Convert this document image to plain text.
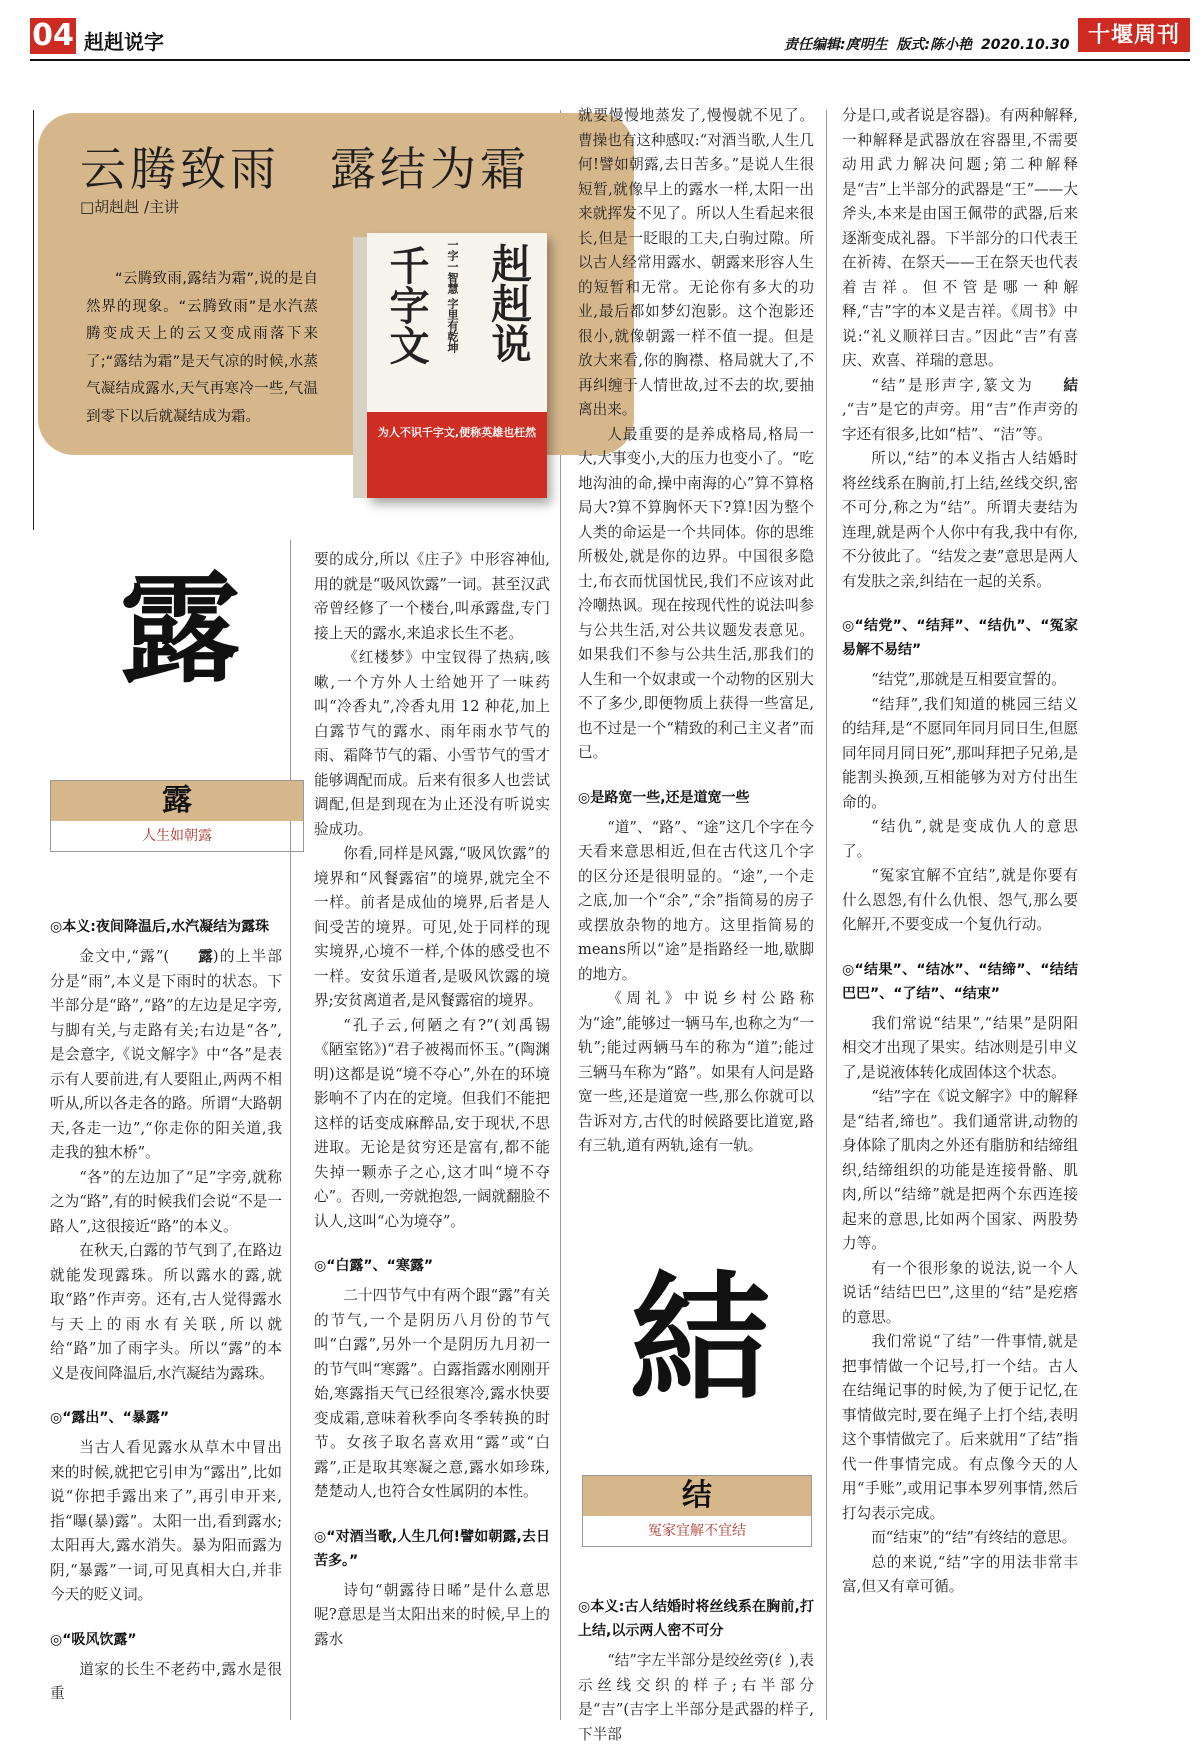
04 赳赳说字	责任编辑:庹明生 版式:陈小艳 2020.10.30 十堰周刊
云腾致雨　露结为霜
□胡赳赳 /主讲
“云腾致雨,露结为霜”,说的是自然界的现象。“云腾致雨”是水汽蒸腾变成天上的云又变成雨落下来了;“露结为霜”是天气凉的时候,水蒸气凝结成露水,天气再寒冷一些,气温到零下以后就凝结成为霜。
赳赳说
千字文 一字一智慧 字里有乾坤
为人不识千字文,便称英雄也枉然
露
露
人生如朝露
◎本义:夜间降温后,水汽凝结为露珠

金文中,“露”( 露)的上半部分是“雨”,本义是下雨时的状态。下半部分是“路”,“路”的左边是足字旁,与脚有关,与走路有关;右边是“各”,是会意字,《说文解字》中“各”是表示有人要前进,有人要阻止,两两不相听从,所以各走各的路。所谓“大路朝天,各走一边”,“你走你的阳关道,我走我的独木桥”。

“各”的左边加了“足”字旁,就称之为“路”,有的时候我们会说“不是一路人”,这很接近“路”的本义。

在秋天,白露的节气到了,在路边就能发现露珠。所以露水的露,就取“路”作声旁。还有,古人觉得露水与天上的雨水有关联,所以就给“路”加了雨字头。所以“露”的本义是夜间降温后,水汽凝结为露珠。

◎“露出”、“暴露”

当古人看见露水从草木中冒出来的时候,就把它引申为“露出”,比如说“你把手露出来了”,再引申开来,指“曝(暴)露”。太阳一出,看到露水;太阳再大,露水消失。暴为阳而露为阴,“暴露”一词,可见真相大白,并非今天的贬义词。

◎“吸风饮露”

道家的长生不老药中,露水是很重

要的成分,所以《庄子》中形容神仙,用的就是“吸风饮露”一词。甚至汉武帝曾经修了一个楼台,叫承露盘,专门接上天的露水,来追求长生不老。

《红楼梦》中宝钗得了热病,咳嗽,一个方外人士给她开了一味药叫“冷香丸”,冷香丸用 12 种花,加上白露节气的露水、雨年雨水节气的雨、霜降节气的霜、小雪节气的雪才能够调配而成。后来有很多人也尝试调配,但是到现在为止还没有听说实验成功。

你看,同样是风露,“吸风饮露”的境界和“风餐露宿”的境界,就完全不一样。前者是成仙的境界,后者是人间受苦的境界。可见,处于同样的现实境界,心境不一样,个体的感受也不一样。安贫乐道者,是吸风饮露的境界;安贫离道者,是风餐露宿的境界。

“孔子云,何陋之有?”(刘禹锡《陋室铭》)“君子被褐而怀玉。”(陶渊明)这都是说“境不夺心”,外在的环境影响不了内在的定境。但我们不能把这样的话变成麻醉品,安于现状,不思进取。无论是贫穷还是富有,都不能失掉一颗赤子之心,这才叫“境不夺心”。否则,一旁就抱怨,一阔就翻脸不认人,这叫“心为境夺”。

◎“白露”、“寒露”

二十四节气中有两个跟“露”有关的节气,一个是阴历八月份的节气叫“白露”,另外一个是阴历九月初一的节气叫“寒露”。白露指露水刚刚开始,寒露指天气已经很寒冷,露水快要变成霜,意味着秋季向冬季转换的时节。女孩子取名喜欢用“露”或“白露”,正是取其寒凝之意,露水如珍珠,楚楚动人,也符合女性属阴的本性。

◎“对酒当歌,人生几何!譬如朝露,去日苦多。”

诗句“朝露待日晞”是什么意思呢?意思是当太阳出来的时候,早上的露水

就要慢慢地蒸发了,慢慢就不见了。曹操也有这种感叹:“对酒当歌,人生几何!譬如朝露,去日苦多。”是说人生很短暂,就像早上的露水一样,太阳一出来就挥发不见了。所以人生看起来很长,但是一眨眼的工夫,白驹过隙。所以古人经常用露水、朝露来形容人生的短暂和无常。无论你有多大的功业,最后都如梦幻泡影。这个泡影还很小,就像朝露一样不值一提。但是放大来看,你的胸襟、格局就大了,不再纠缠于人情世故,过不去的坎,要抽离出来。

人最重要的是养成格局,格局一大,大事变小,大的压力也变小了。“吃地沟油的命,操中南海的心”算不算格局大?算不算胸怀天下?算!因为整个人类的命运是一个共同体。你的思维所极处,就是你的边界。中国很多隐士,布衣而忧国忧民,我们不应该对此冷嘲热讽。现在按现代性的说法叫参与公共生活,对公共议题发表意见。如果我们不参与公共生活,那我们的人生和一个奴隶或一个动物的区别大不了多少,即便物质上获得一些富足,也不过是一个“精致的利己主义者”而已。

◎是路宽一些,还是道宽一些

“道”、“路”、“途”这几个字在今天看来意思相近,但在古代这几个字的区分还是很明显的。“途”,一个走之底,加一个“余”,“余”指简易的房子或摆放杂物的地方。这里指简易的means所以“途”是指路经一地,歇脚的地方。

《周礼》中说乡村公路称为“途”,能够过一辆马车,也称之为“一轨”;能过两辆马车的称为“道”;能过三辆马车称为“路”。如果有人问是路宽一些,还是道宽一些,那么你就可以告诉对方,古代的时候路要比道宽,路有三轨,道有两轨,途有一轨。

結
结
冤家宜解不宜结
◎本义:古人结婚时将丝线系在胸前,打上结,以示两人密不可分

“结”字左半部分是绞丝旁(纟),表示丝线交织的样子;右半部分是“吉”(吉字上半部分是武器的样子,下半部

分是口,或者说是容器)。有两种解释,一种解释是武器放在容器里,不需要动用武力解决问题;第二种解释是“吉”上半部分的武器是“王”——大斧头,本来是由国王佩带的武器,后来逐渐变成礼器。下半部分的口代表王在祈祷、在祭天——王在祭天也代表着吉祥。但不管是哪一种解释,“吉”字的本义是吉祥。《周书》中说:“礼义顺祥曰吉。”因此“吉”有喜庆、欢喜、祥瑞的意思。

“结”是形声字,篆文为 結,“吉”是它的声旁。用“吉”作声旁的字还有很多,比如“桔”、“洁”等。

所以,“结”的本义指古人结婚时将丝线系在胸前,打上结,丝线交织,密不可分,称之为“结”。所谓夫妻结为连理,就是两个人你中有我,我中有你,不分彼此了。“结发之妻”意思是两人有发肤之亲,纠结在一起的关系。

◎“结党”、“结拜”、“结仇”、“冤家易解不易结”

“结党”,那就是互相要宣誓的。

“结拜”,我们知道的桃园三结义的结拜,是“不愿同年同月同日生,但愿同年同月同日死”,那叫拜把子兄弟,是能割头换颈,互相能够为对方付出生命的。

“结仇”,就是变成仇人的意思了。

“冤家宜解不宜结”,就是你要有什么恩怨,有什么仇恨、怨气,那么要化解开,不要变成一个复仇行动。

◎“结果”、“结冰”、“结缔”、“结结巴巴”、“了结”、“结束”

我们常说“结果”,“结果”是阴阳相交才出现了果实。结冰则是引申义了,是说液体转化成固体这个状态。

“结”字在《说文解字》中的解释是“结者,缔也”。我们通常讲,动物的身体除了肌肉之外还有脂肪和结缔组织,结缔组织的功能是连接骨骼、肌肉,所以“结缔”就是把两个东西连接起来的意思,比如两个国家、两股势力等。

有一个很形象的说法,说一个人说话“结结巴巴”,这里的“结”是疙瘩的意思。

我们常说“了结”一件事情,就是把事情做一个记号,打一个结。古人在结绳记事的时候,为了便于记忆,在事情做完时,要在绳子上打个结,表明这个事情做完了。后来就用“了结”指代一件事情完成。有点像今天的人用“手账”,或用记事本罗列事情,然后打勾表示完成。

而“结束”的“结”有终结的意思。

总的来说,“结”字的用法非常丰富,但又有章可循。
